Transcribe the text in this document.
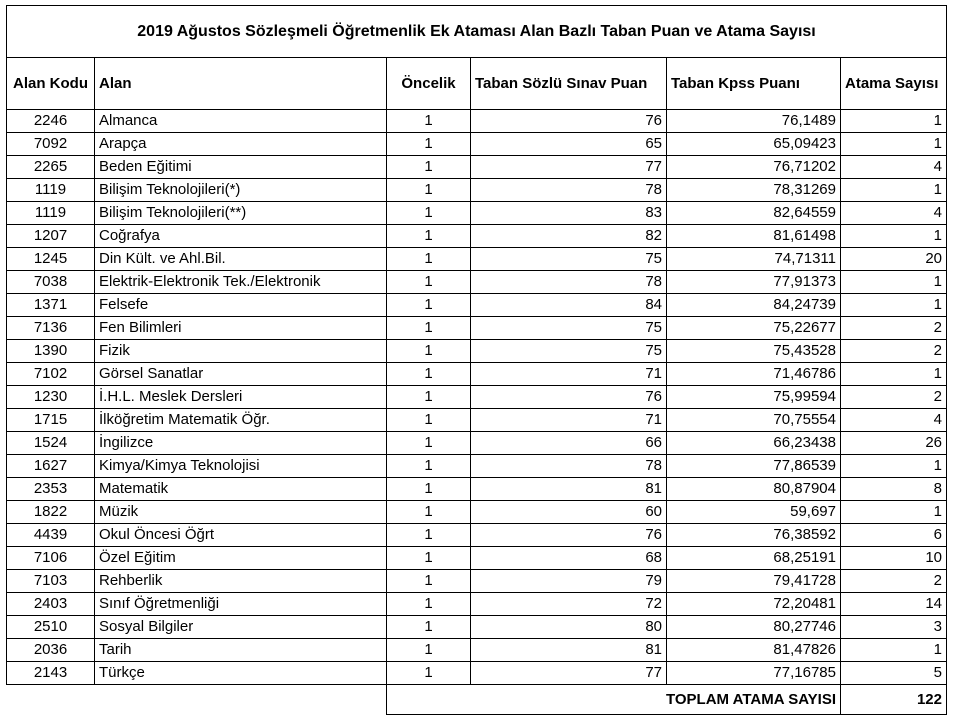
2019 Ağustos Sözleşmeli Öğretmenlik Ek Ataması Alan Bazlı Taban Puan ve Atama Sayısı					
Alan Kodu	Alan	Öncelik	Taban Sözlü Sınav Puan	Taban Kpss Puanı	Atama Sayısı
2246	Almanca	1	76	76,1489	1
7092	Arapça	1	65	65,09423	1
2265	Beden Eğitimi	1	77	76,71202	4
1119	Bilişim Teknolojileri(*)	1	78	78,31269	1
1119	Bilişim Teknolojileri(**)	1	83	82,64559	4
1207	Coğrafya	1	82	81,61498	1
1245	Din Kült. ve Ahl.Bil.	1	75	74,71311	20
7038	Elektrik-Elektronik Tek./Elektronik	1	78	77,91373	1
1371	Felsefe	1	84	84,24739	1
7136	Fen Bilimleri	1	75	75,22677	2
1390	Fizik	1	75	75,43528	2
7102	Görsel Sanatlar	1	71	71,46786	1
1230	İ.H.L. Meslek Dersleri	1	76	75,99594	2
1715	İlköğretim Matematik Öğr.	1	71	70,75554	4
1524	İngilizce	1	66	66,23438	26
1627	Kimya/Kimya Teknolojisi	1	78	77,86539	1
2353	Matematik	1	81	80,87904	8
1822	Müzik	1	60	59,697	1
4439	Okul Öncesi Öğrt	1	76	76,38592	6
7106	Özel Eğitim	1	68	68,25191	10
7103	Rehberlik	1	79	79,41728	2
2403	Sınıf Öğretmenliği	1	72	72,20481	14
2510	Sosyal Bilgiler	1	80	80,27746	3
2036	Tarih	1	81	81,47826	1
2143	Türkçe	1	77	77,16785	5
		TOPLAM ATAMA SAYISI			122
